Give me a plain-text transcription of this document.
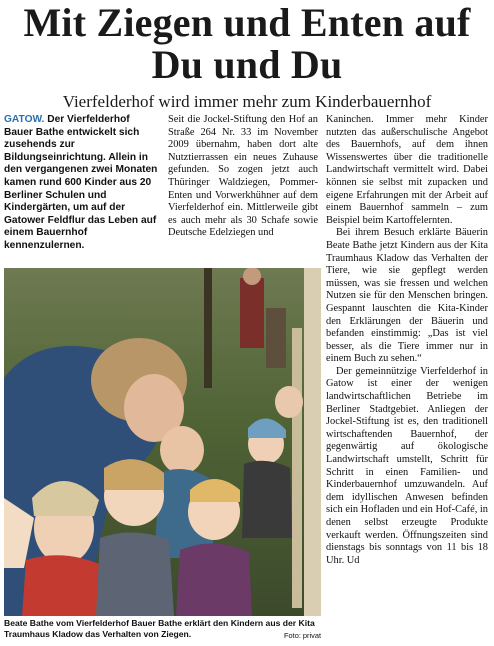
Mit Ziegen und Enten auf Du und Du
Vierfelderhof wird immer mehr zum Kinderbauernhof
GATOW. Der Vierfelderhof Bauer Bathe entwickelt sich zusehends zur Bildungseinrichtung. Allein in den vergangenen zwei Monaten kamen rund 600 Kinder aus 20 Berliner Schulen und Kindergärten, um auf der Gatower Feldflur das Leben auf einem Bauernhof kennenzulernen.

Seit die Jockel-Stiftung den Hof an Straße 264 Nr. 33 im November 2009 übernahm, haben dort alte Nutztierrassen ein neues Zuhause gefunden. So zogen jetzt auch Thüringer Waldziegen, Pommer-Enten und Vorwerkhühner auf dem Vierfelderhof ein. Mittlerweile gibt es auch mehr als 30 Schafe sowie Deutsche Edelziegen und

Kaninchen. Immer mehr Kinder nutzten das außerschulische Angebot des Bauernhofs, auf dem ihnen Wissenswertes über die traditionelle Landwirtschaft vermittelt wird. Dabei können sie selbst mit zupacken und eigene Erfahrungen mit der Arbeit auf einem Bauernhof sammeln – zum Beispiel beim Kartoffelernten.

Bei ihrem Besuch erklärte Bäuerin Beate Bathe jetzt Kindern aus der Kita Traumhaus Kladow das Verhalten der Tiere, wie sie gepflegt werden müssen, was sie fressen und welchen Nutzen sie für den Menschen bringen. Gespannt lauschten die Kita-Kinder den Erklärungen der Bäuerin und befanden einstimmig: „Das ist viel besser, als die Tiere immer nur in einem Buch zu sehen.“

Der gemeinnützige Vierfelderhof in Gatow ist einer der wenigen landwirtschaftlichen Betriebe im Berliner Stadtgebiet. Anliegen der Jockel-Stiftung ist es, den traditionell wirtschaftenden Bauernhof, der gegenwärtig auf ökologische Landwirtschaft umstellt, Schritt für Schritt in einen Familien- und Kinderbauernhof umzuwandeln. Auf dem idyllischen Anwesen befinden sich ein Hofladen und ein Hof-Café, in denen selbst erzeugte Produkte verkauft werden. Öffnungszeiten sind dienstags bis sonntags von 11 bis 18 Uhr. Ud

Beate Bathe vom Vierfelderhof Bauer Bathe erklärt den Kindern aus der Kita Traumhaus Kladow das Verhalten von Ziegen.	Foto: privat
